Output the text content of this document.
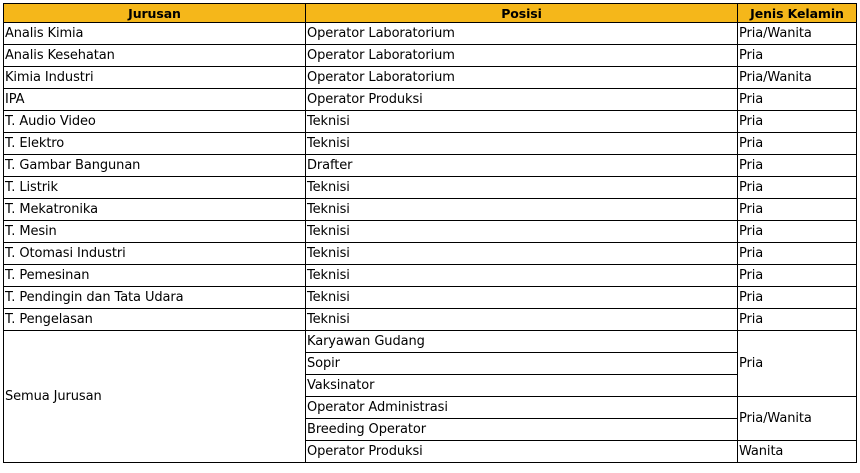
Jurusan	Posisi	Jenis Kelamin
Analis Kimia	Operator Laboratorium	Pria/Wanita
Analis Kesehatan	Operator Laboratorium	Pria
Kimia Industri	Operator Laboratorium	Pria/Wanita
IPA	Operator Produksi	Pria
T. Audio Video	Teknisi	Pria
T. Elektro	Teknisi	Pria
T. Gambar Bangunan	Drafter	Pria
T. Listrik	Teknisi	Pria
T. Mekatronika	Teknisi	Pria
T. Mesin	Teknisi	Pria
T. Otomasi Industri	Teknisi	Pria
T. Pemesinan	Teknisi	Pria
T. Pendingin dan Tata Udara	Teknisi	Pria
T. Pengelasan	Teknisi	Pria
Semua Jurusan	Karyawan Gudang	Pria
	Sopir	
	Vaksinator	
	Operator Administrasi	Pria/Wanita
	Breeding Operator	
	Operator Produksi	Wanita
